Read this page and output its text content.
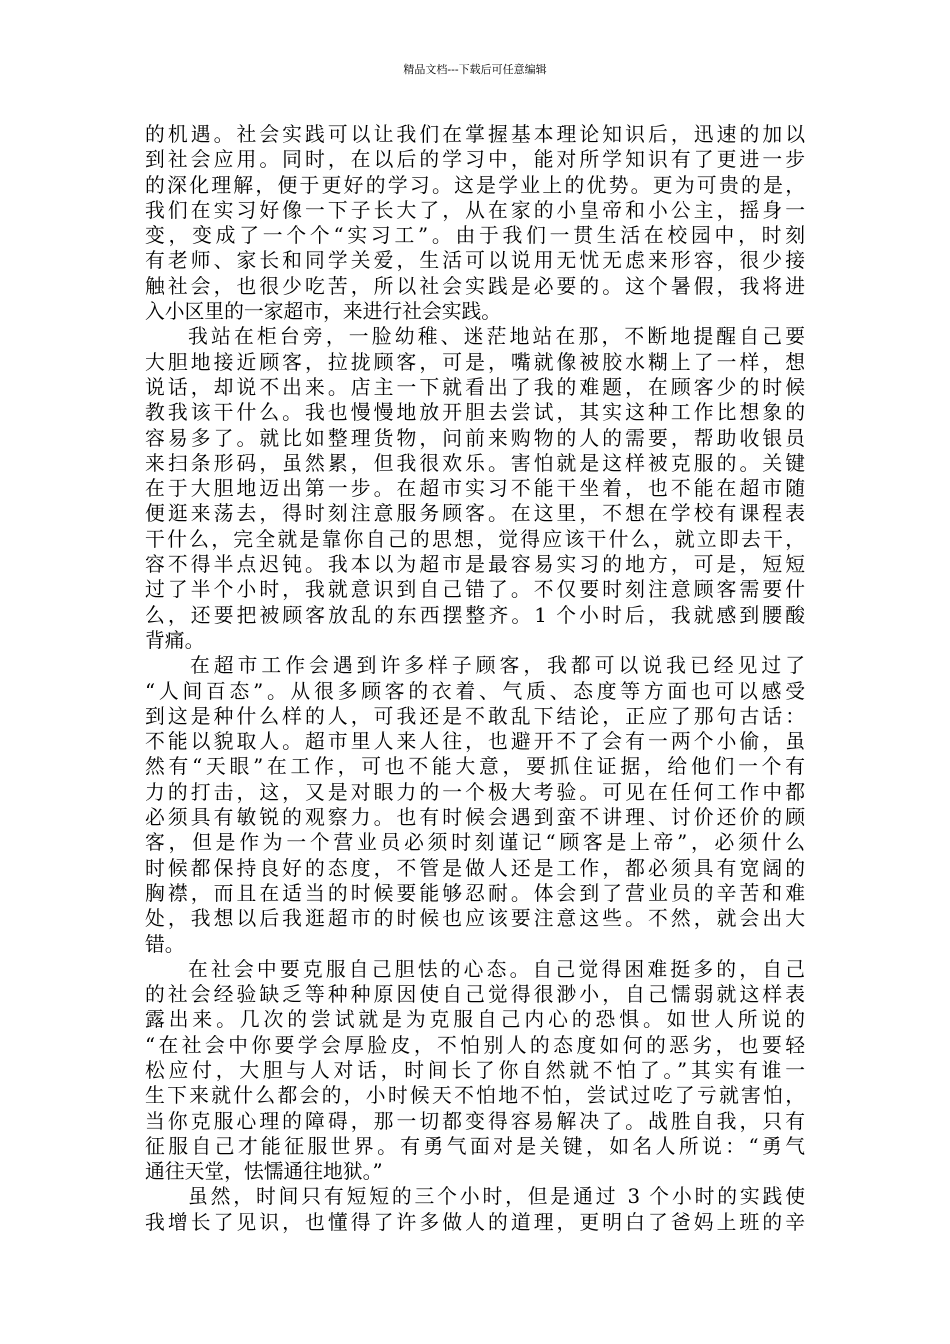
精品文档---下载后可任意编辑
的机遇。社会实践可以让我们在掌握基本理论知识后，迅速的加以
到社会应用。同时，在以后的学习中，能对所学知识有了更进一步
的深化理解，便于更好的学习。这是学业上的优势。更为可贵的是，
我们在实习好像一下子长大了，从在家的小皇帝和小公主，摇身一
变，变成了一个个“实习工”。由于我们一贯生活在校园中，时刻
有老师、家长和同学关爱，生活可以说用无忧无虑来形容，很少接
触社会，也很少吃苦，所以社会实践是必要的。这个暑假，我将进
入小区里的一家超市，来进行社会实践。
我站在柜台旁，一脸幼稚、迷茫地站在那，不断地提醒自己要
大胆地接近顾客，拉拢顾客，可是，嘴就像被胶水糊上了一样，想
说话，却说不出来。店主一下就看出了我的难题，在顾客少的时候
教我该干什么。我也慢慢地放开胆去尝试，其实这种工作比想象的
容易多了。就比如整理货物，问前来购物的人的需要，帮助收银员
来扫条形码，虽然累，但我很欢乐。害怕就是这样被克服的。关键
在于大胆地迈出第一步。在超市实习不能干坐着，也不能在超市随
便逛来荡去，得时刻注意服务顾客。在这里，不想在学校有课程表
干什么，完全就是靠你自己的思想，觉得应该干什么，就立即去干，
容不得半点迟钝。我本以为超市是最容易实习的地方，可是，短短
过了半个小时，我就意识到自己错了。不仅要时刻注意顾客需要什
么，还要把被顾客放乱的东西摆整齐。1 个小时后，我就感到腰酸
背痛。
在超市工作会遇到许多样子顾客，我都可以说我已经见过了
“人间百态”。从很多顾客的衣着、气质、态度等方面也可以感受
到这是种什么样的人，可我还是不敢乱下结论，正应了那句古话：
不能以貌取人。超市里人来人往，也避开不了会有一两个小偷，虽
然有“天眼”在工作，可也不能大意，要抓住证据，给他们一个有
力的打击，这，又是对眼力的一个极大考验。可见在任何工作中都
必须具有敏锐的观察力。也有时候会遇到蛮不讲理、讨价还价的顾
客，但是作为一个营业员必须时刻谨记“顾客是上帝”，必须什么
时候都保持良好的态度，不管是做人还是工作，都必须具有宽阔的
胸襟，而且在适当的时候要能够忍耐。体会到了营业员的辛苦和难
处，我想以后我逛超市的时候也应该要注意这些。不然，就会出大
错。
在社会中要克服自己胆怯的心态。自己觉得困难挺多的，自己
的社会经验缺乏等种种原因使自己觉得很渺小，自己懦弱就这样表
露出来。几次的尝试就是为克服自己内心的恐惧。如世人所说的
“在社会中你要学会厚脸皮，不怕别人的态度如何的恶劣，也要轻
松应付，大胆与人对话，时间长了你自然就不怕了。”其实有谁一
生下来就什么都会的，小时候天不怕地不怕，尝试过吃了亏就害怕，
当你克服心理的障碍，那一切都变得容易解决了。战胜自我，只有
征服自己才能征服世界。有勇气面对是关键，如名人所说：“勇气
通往天堂，怯懦通往地狱。”
虽然，时间只有短短的三个小时，但是通过 3 个小时的实践使
我增长了见识，也懂得了许多做人的道理，更明白了爸妈上班的辛
